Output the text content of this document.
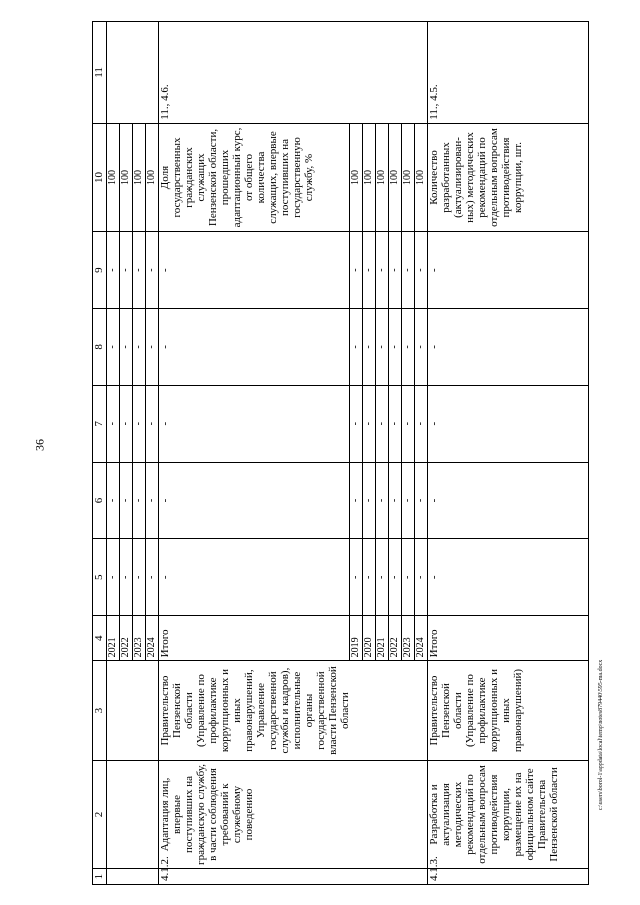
36
c:\users\borol-1\appdata\local\temp\notes879440\595-ma.docx
1	2	3	4	5	6	7	8	9	10	11
			2021	-	-	-	-	-	100	
			2022	-	-	-	-	-	100	
			2023	-	-	-	-	-	100	
			2024	-	-	-	-	-	100	
4.1.2.	Адаптация лиц, впервые поступивших на гражданскую службу, в части соблюдения требований к служебному поведению	Правительство Пензенской области (Управление по профилактике коррупционных и иных правонарушений, Управление государственной службы и кадров), исполнительные органы государственной власти Пензенской области	Итого	-	-	-	-	-	Доля государственных гражданских служащих Пензенской области, прошедших адаптационный курс, от общего количества служащих, впервые поступивших на государственную службу, %	11., 4.6.
			2019	-	-	-	-	-	100	
			2020	-	-	-	-	-	100	
			2021	-	-	-	-	-	100	
			2022	-	-	-	-	-	100	
			2023	-	-	-	-	-	100	
			2024	-	-	-	-	-	100	
4.1.3.	Разработка и актуализация методических рекомендаций по отдельным вопросам противодействия коррупции, размещение их на официальном сайте Правительства Пензенской области	Правительство Пензенской области (Управление по профилактике коррупционных и иных правонарушений)	Итого	-	-	-	-	-	Количество разработанных (актуализирован-ных) методических рекомендаций по отдельным вопросам противодействия коррупции, шт.	11., 4.5.
